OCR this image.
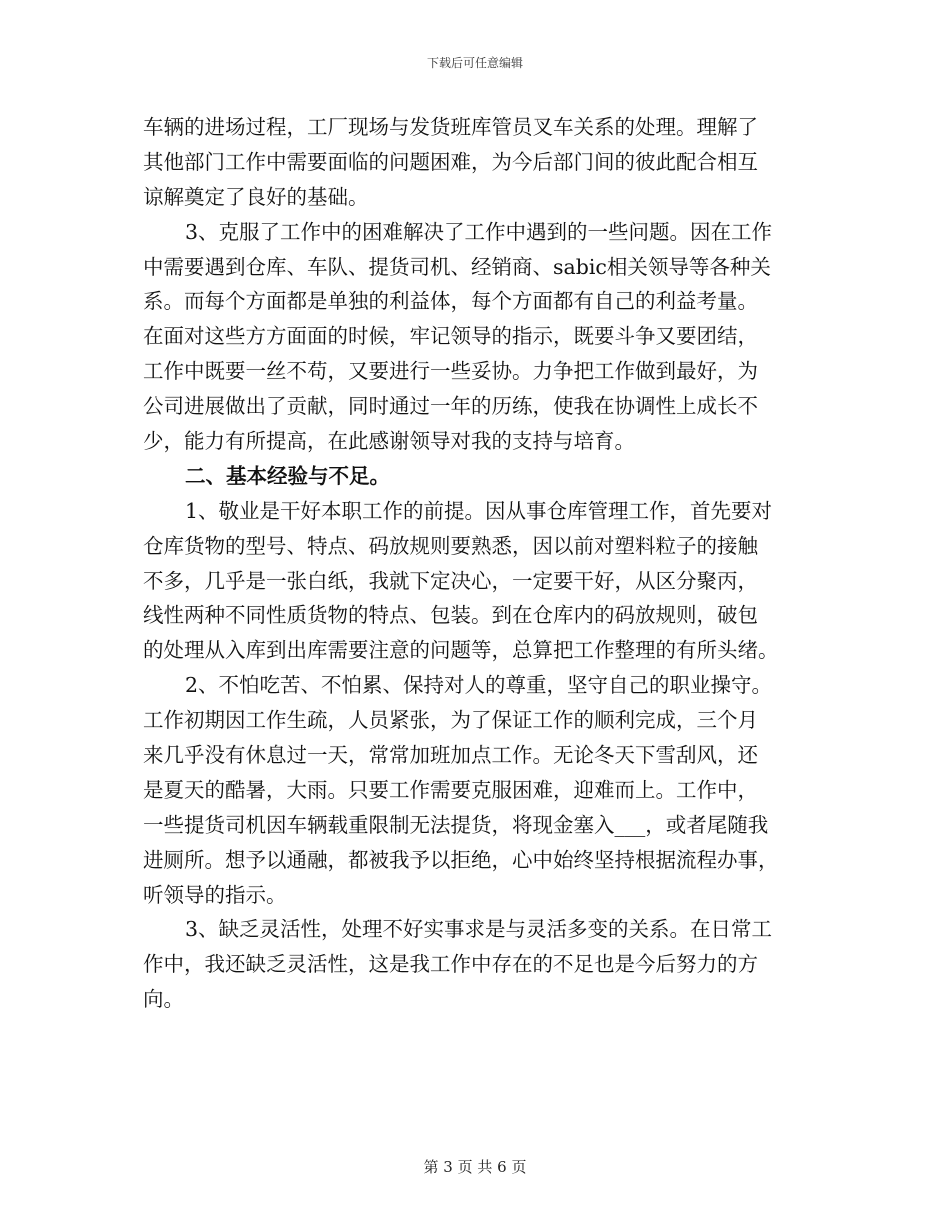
下载后可任意编辑
车辆的进场过程，工厂现场与发货班库管员叉车关系的处理。理解了
其他部门工作中需要面临的问题困难，为今后部门间的彼此配合相互
谅解奠定了良好的基础。
3、克服了工作中的困难解决了工作中遇到的一些问题。因在工作
中需要遇到仓库、车队、提货司机、经销商、sabic相关领导等各种关
系。而每个方面都是单独的利益体，每个方面都有自己的利益考量。
在面对这些方方面面的时候，牢记领导的指示，既要斗争又要团结，
工作中既要一丝不苟，又要进行一些妥协。力争把工作做到最好，为
公司进展做出了贡献，同时通过一年的历练，使我在协调性上成长不
少，能力有所提高，在此感谢领导对我的支持与培育。
二、基本经验与不足。
1、敬业是干好本职工作的前提。因从事仓库管理工作，首先要对
仓库货物的型号、特点、码放规则要熟悉，因以前对塑料粒子的接触
不多，几乎是一张白纸，我就下定决心，一定要干好，从区分聚丙，
线性两种不同性质货物的特点、包装。到在仓库内的码放规则，破包
的处理从入库到出库需要注意的问题等，总算把工作整理的有所头绪。
2、不怕吃苦、不怕累、保持对人的尊重，坚守自己的职业操守。
工作初期因工作生疏，人员紧张，为了保证工作的顺利完成，三个月
来几乎没有休息过一天，常常加班加点工作。无论冬天下雪刮风，还
是夏天的酷暑，大雨。只要工作需要克服困难，迎难而上。工作中，
一些提货司机因车辆载重限制无法提货，将现金塞入___，或者尾随我
进厕所。想予以通融，都被我予以拒绝，心中始终坚持根据流程办事，
听领导的指示。
3、缺乏灵活性，处理不好实事求是与灵活多变的关系。在日常工
作中，我还缺乏灵活性，这是我工作中存在的不足也是今后努力的方
向。
第 3 页 共 6 页
